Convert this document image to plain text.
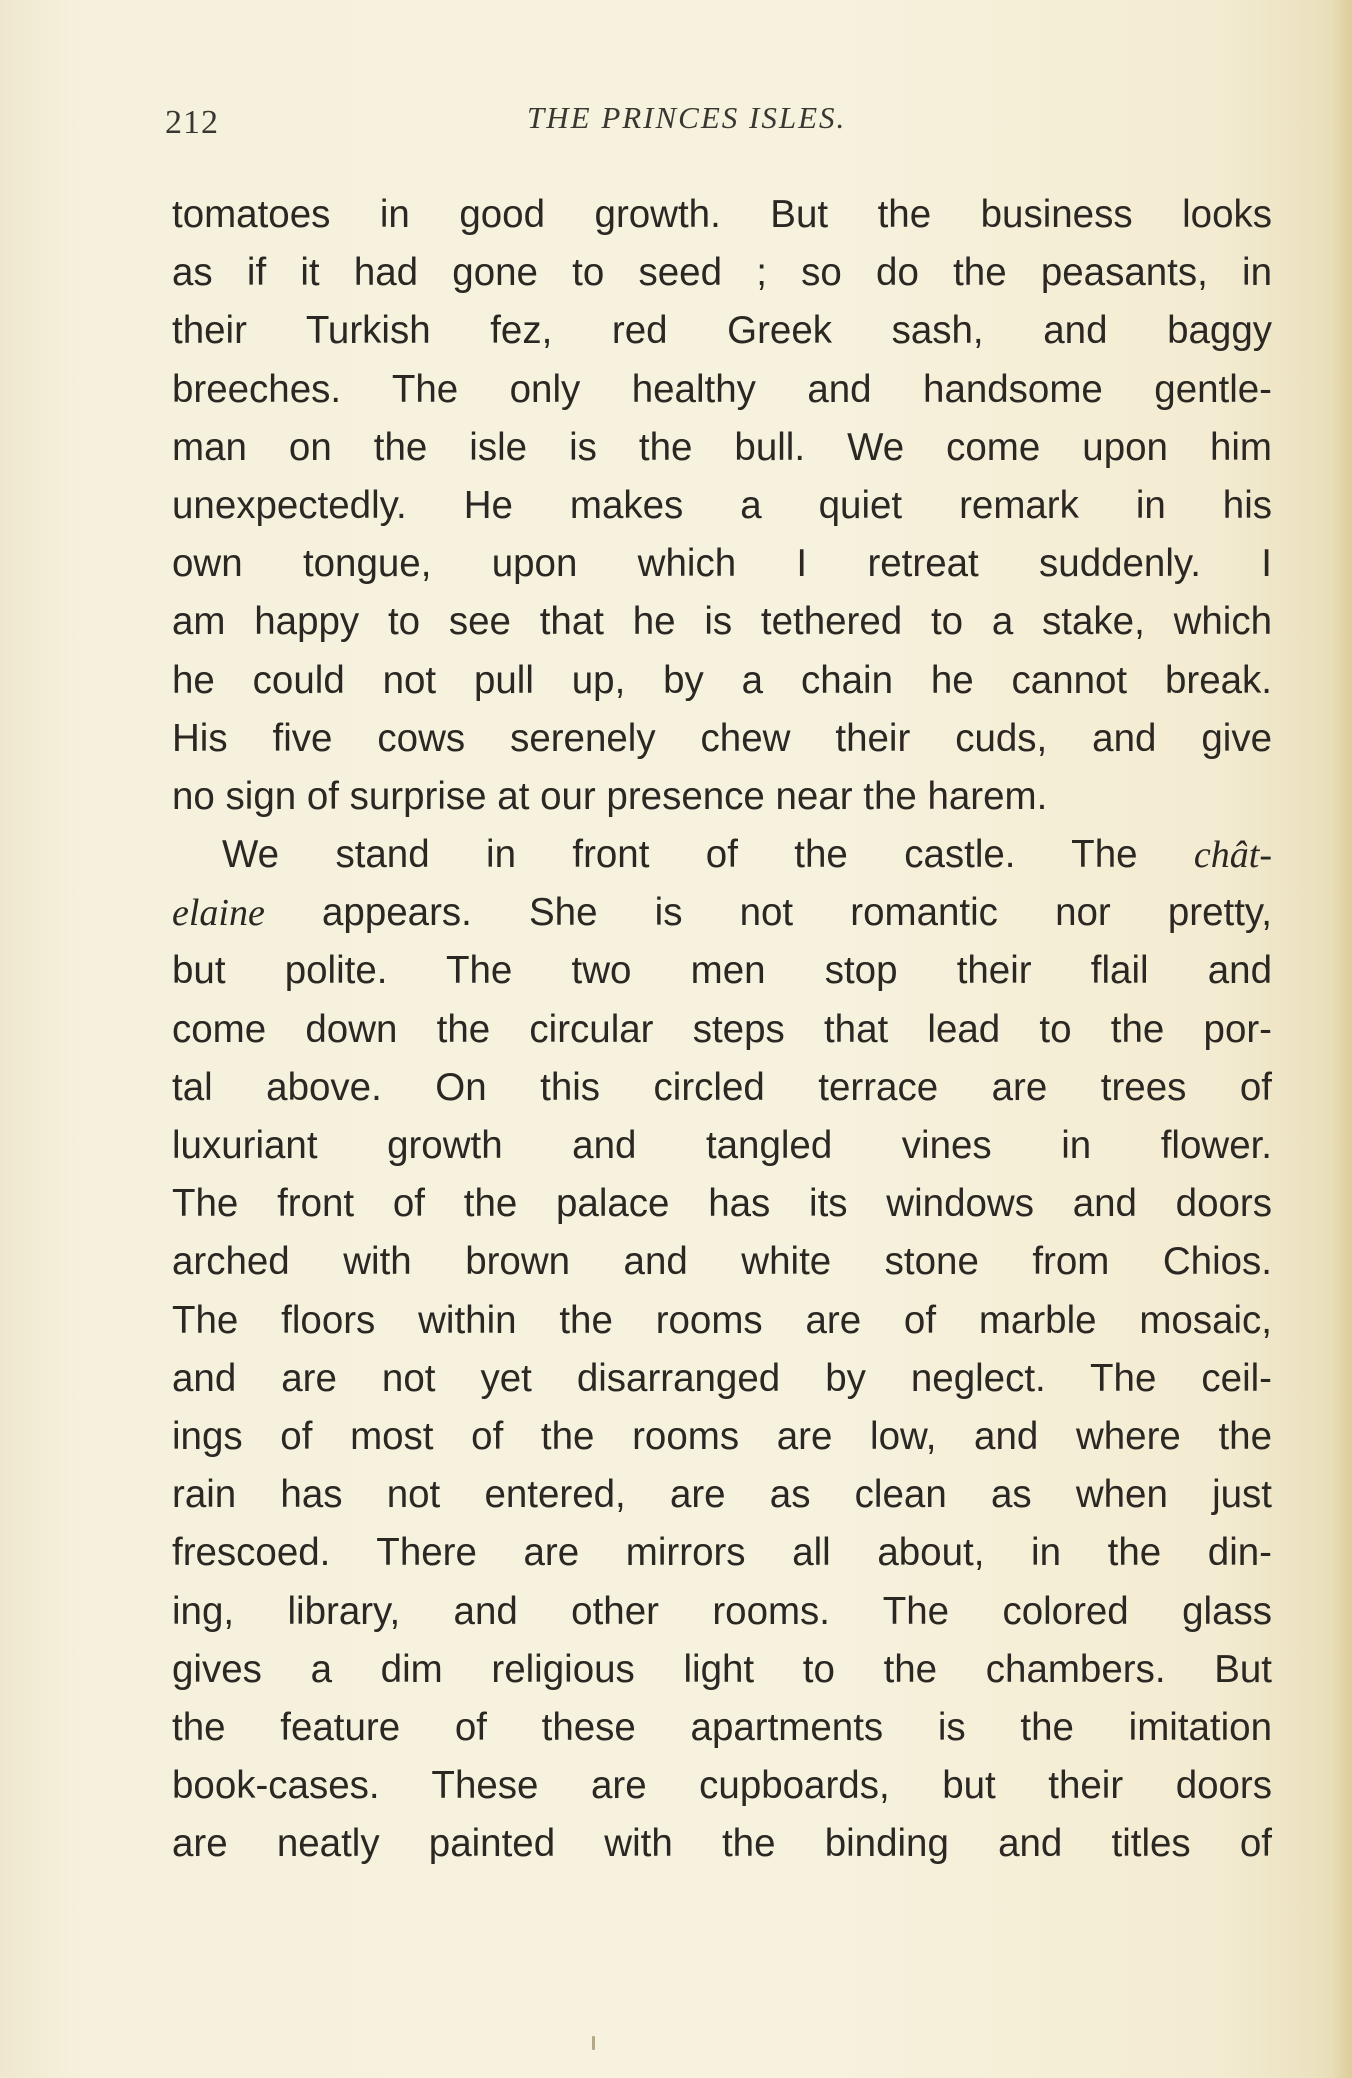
212	THE PRINCES ISLES.
tomatoes in good growth. But the business looks
as if it had gone to seed ; so do the peasants, in
their Turkish fez, red Greek sash, and baggy
breeches. The only healthy and handsome gentle-
man on the isle is the bull. We come upon him
unexpectedly. He makes a quiet remark in his
own tongue, upon which I retreat suddenly. I
am happy to see that he is tethered to a stake, which
he could not pull up, by a chain he cannot break.
His five cows serenely chew their cuds, and give
no sign of surprise at our presence near the harem.
We stand in front of the castle. The chât-
elaine appears. She is not romantic nor pretty,
but polite. The two men stop their flail and
come down the circular steps that lead to the por-
tal above. On this circled terrace are trees of
luxuriant growth and tangled vines in flower.
The front of the palace has its windows and doors
arched with brown and white stone from Chios.
The floors within the rooms are of marble mosaic,
and are not yet disarranged by neglect. The ceil-
ings of most of the rooms are low, and where the
rain has not entered, are as clean as when just
frescoed. There are mirrors all about, in the din-
ing, library, and other rooms. The colored glass
gives a dim religious light to the chambers. But
the feature of these apartments is the imitation
book-cases. These are cupboards, but their doors
are neatly painted with the binding and titles of
